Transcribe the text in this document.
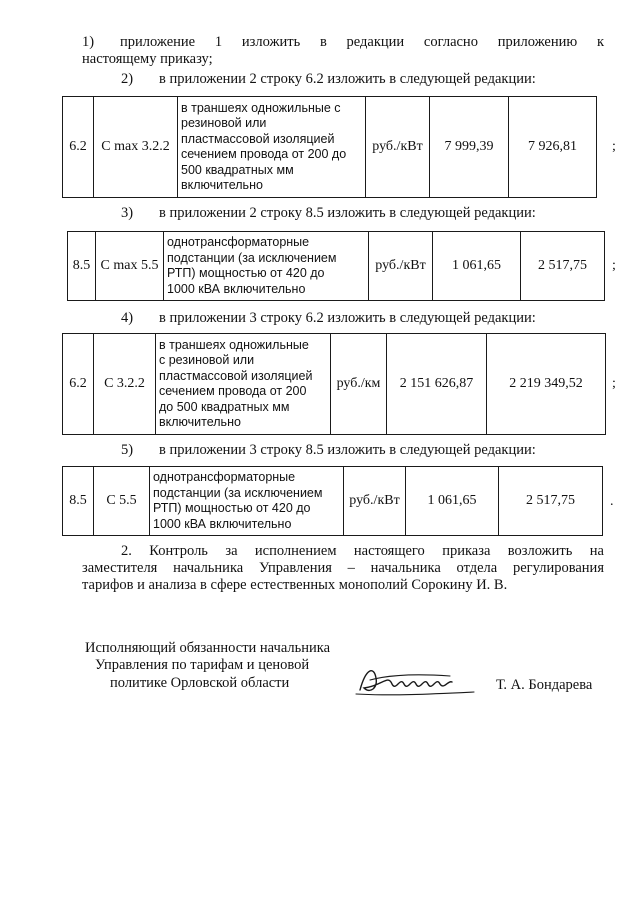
1) приложение 1 изложить в редакции согласно приложению к
настоящему приказу;
2) в приложении 2 строку 6.2 изложить в следующей редакции:
6.2	C max 3.2.2	
в траншеях одножильные с
резиновой или
пластмассовой изоляцией
сечением провода от 200 до
500 квадратных мм
включительно
	руб./кВт	7 999,39	7 926,81	;
3) в приложении 2 строку 8.5 изложить в следующей редакции:
8.5	C max 5.5	
однотрансформаторные
подстанции (за исключением
РТП) мощностью от 420 до
1000 кВА включительно
	руб./кВт	1 061,65	2 517,75 ;
4) в приложении 3 строку 6.2 изложить в следующей редакции:
6.2	C 3.2.2	
в траншеях одножильные
с резиновой или
пластмассовой изоляцией
сечением провода от 200
до 500 квадратных мм
включительно
	руб./км	2 151 626,87	2 219 349,52 ;
5) в приложении 3 строку 8.5 изложить в следующей редакции:
8.5	C 5.5	
однотрансформаторные
подстанции (за исключением
РТП) мощностью от 420 до
1000 кВА включительно
	руб./кВт	1 061,65	2 517,75	.
2. Контроль за исполнением настоящего приказа возложить на
заместителя начальника Управления – начальника отдела регулирования
тарифов и анализа в сфере естественных монополий Сорокину И. В.
Исполняющий обязанности начальника
Управления по тарифам и ценовой
политике Орловской области	Т. А. Бондарева
